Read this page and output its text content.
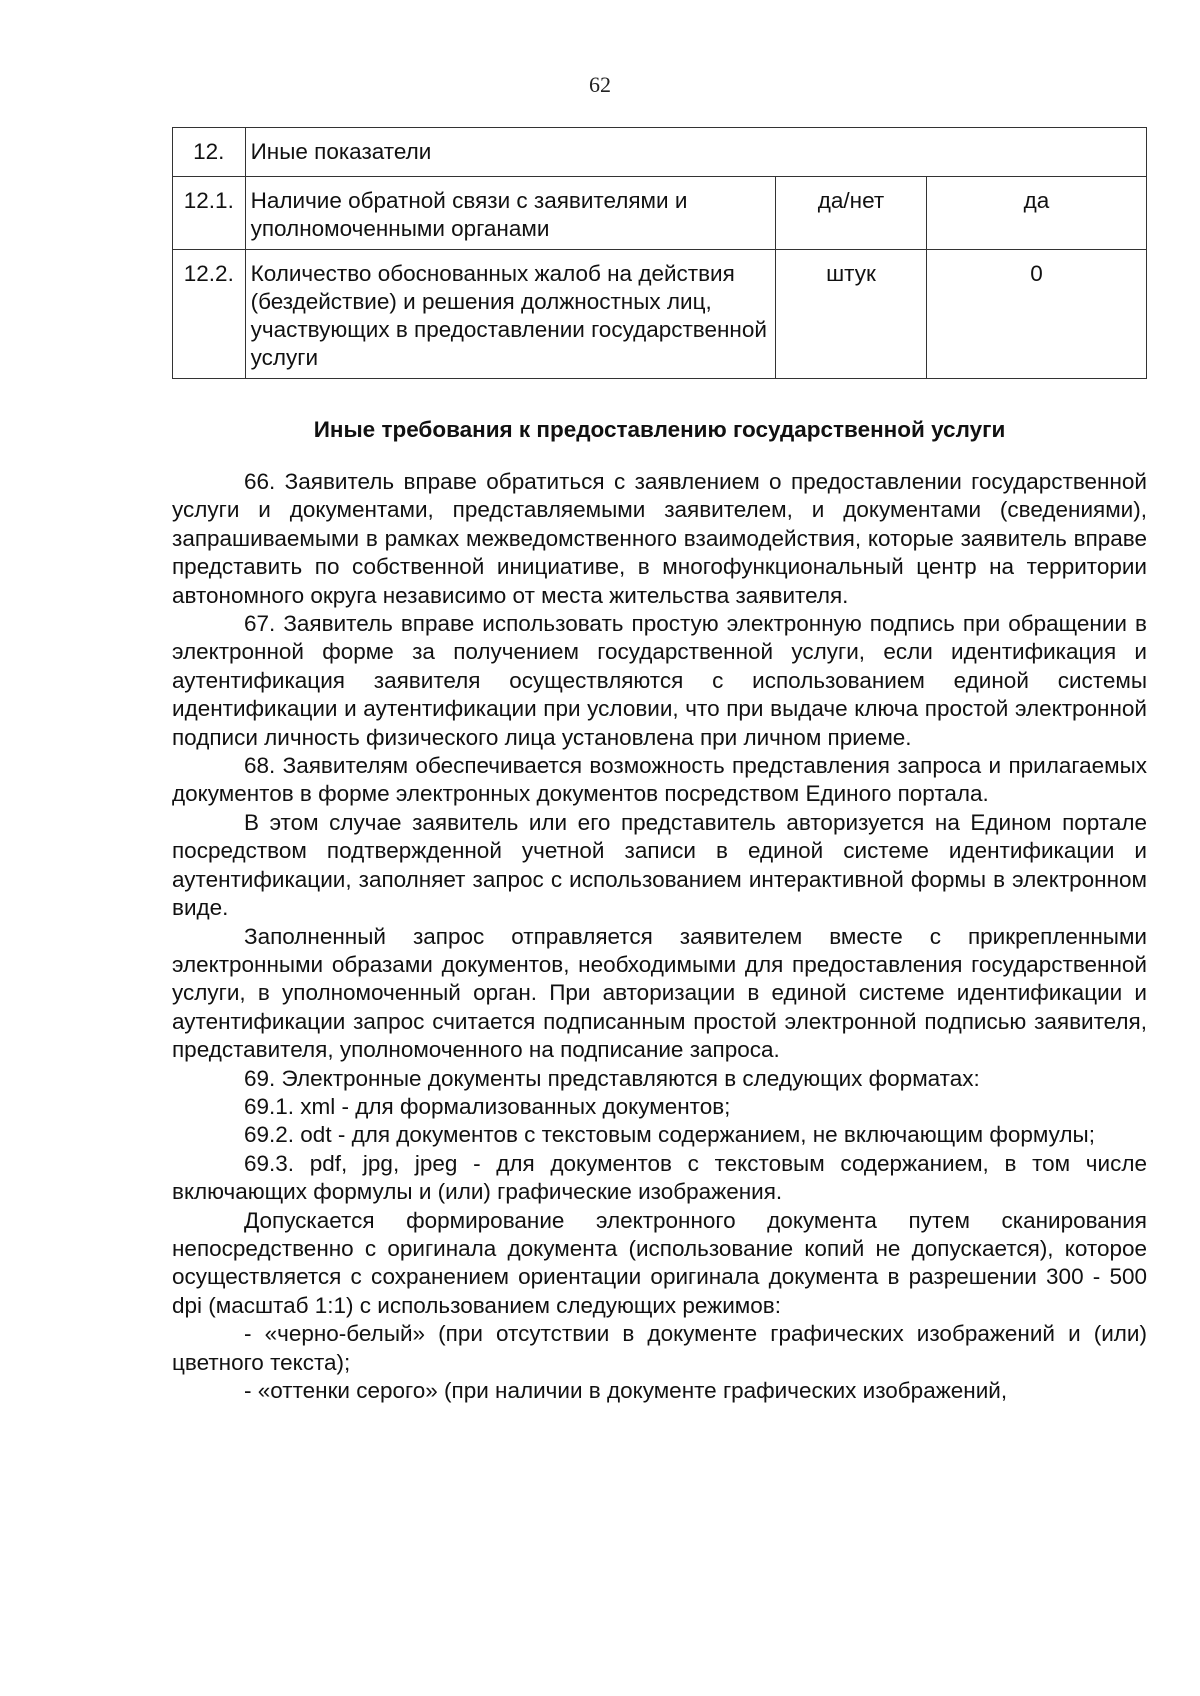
62
12.	Иные показатели		
12.1.	Наличие обратной связи с заявителями и уполномоченными органами	да/нет	да
12.2.	Количество обоснованных жалоб на действия (бездействие) и решения должностных лиц, участвующих в предоставлении государственной услуги	штук	0
Иные требования к предоставлению государственной услуги

66. Заявитель вправе обратиться с заявлением о предоставлении государственной услуги и документами, представляемыми заявителем, и документами (сведениями), запрашиваемыми в рамках межведомственного взаимодействия, которые заявитель вправе представить по собственной инициативе, в многофункциональный центр на территории автономного округа независимо от места жительства заявителя.

67. Заявитель вправе использовать простую электронную подпись при обращении в электронной форме за получением государственной услуги, если идентификация и аутентификация заявителя осуществляются с использованием единой системы идентификации и аутентификации при условии, что при выдаче ключа простой электронной подписи личность физического лица установлена при личном приеме.

68. Заявителям обеспечивается возможность представления запроса и прилагаемых документов в форме электронных документов посредством Единого портала.

В этом случае заявитель или его представитель авторизуется на Едином портале посредством подтвержденной учетной записи в единой системе идентификации и аутентификации, заполняет запрос с использованием интерактивной формы в электронном виде.

Заполненный запрос отправляется заявителем вместе с прикрепленными электронными образами документов, необходимыми для предоставления государственной услуги, в уполномоченный орган. При авторизации в единой системе идентификации и аутентификации запрос считается подписанным простой электронной подписью заявителя, представителя, уполномоченного на подписание запроса.

69. Электронные документы представляются в следующих форматах:

69.1. xml - для формализованных документов;

69.2. odt - для документов с текстовым содержанием, не включающим формулы;

69.3. pdf, jpg, jpeg - для документов с текстовым содержанием, в том числе включающих формулы и (или) графические изображения.

Допускается формирование электронного документа путем сканирования непосредственно с оригинала документа (использование копий не допускается), которое осуществляется с сохранением ориентации оригинала документа в разрешении 300 - 500 dpi (масштаб 1:1) с использованием следующих режимов:

- «черно-белый» (при отсутствии в документе графических изображений и (или) цветного текста);

- «оттенки серого» (при наличии в документе графических изображений,
